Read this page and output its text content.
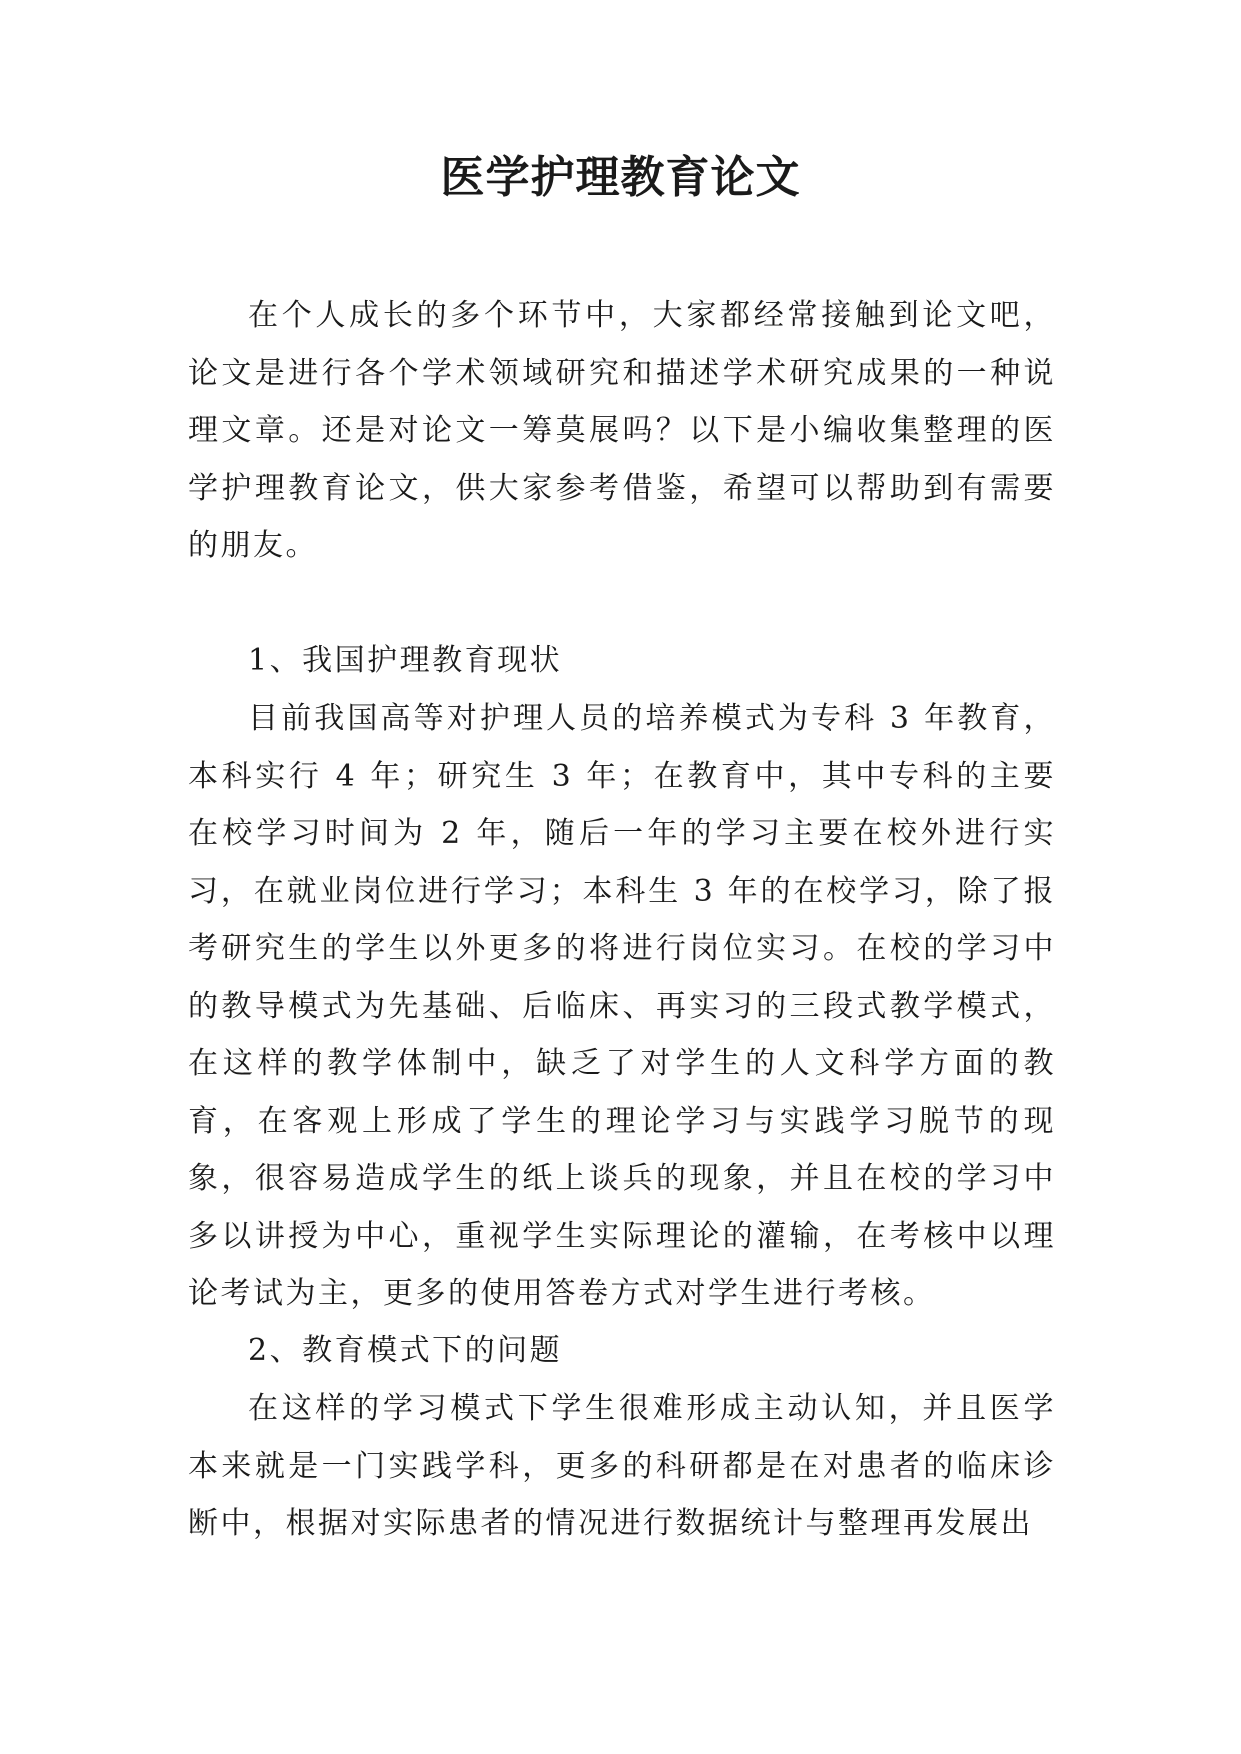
医学护理教育论文

在个人成长的多个环节中，大家都经常接触到论文吧，论文是进行各个学术领域研究和描述学术研究成果的一种说理文章。还是对论文一筹莫展吗？以下是小编收集整理的医学护理教育论文，供大家参考借鉴，希望可以帮助到有需要的朋友。

1、我国护理教育现状

目前我国高等对护理人员的培养模式为专科 3 年教育，本科实行 4 年；研究生 3 年；在教育中，其中专科的主要在校学习时间为 2 年，随后一年的学习主要在校外进行实习，在就业岗位进行学习；本科生 3 年的在校学习，除了报考研究生的学生以外更多的将进行岗位实习。在校的学习中的教导模式为先基础、后临床、再实习的三段式教学模式，在这样的教学体制中，缺乏了对学生的人文科学方面的教育，在客观上形成了学生的理论学习与实践学习脱节的现象，很容易造成学生的纸上谈兵的现象，并且在校的学习中多以讲授为中心，重视学生实际理论的灌输，在考核中以理论考试为主，更多的使用答卷方式对学生进行考核。

2、教育模式下的问题

在这样的学习模式下学生很难形成主动认知，并且医学本来就是一门实践学科，更多的科研都是在对患者的临床诊断中，根据对实际患者的情况进行数据统计与整理再发展出
